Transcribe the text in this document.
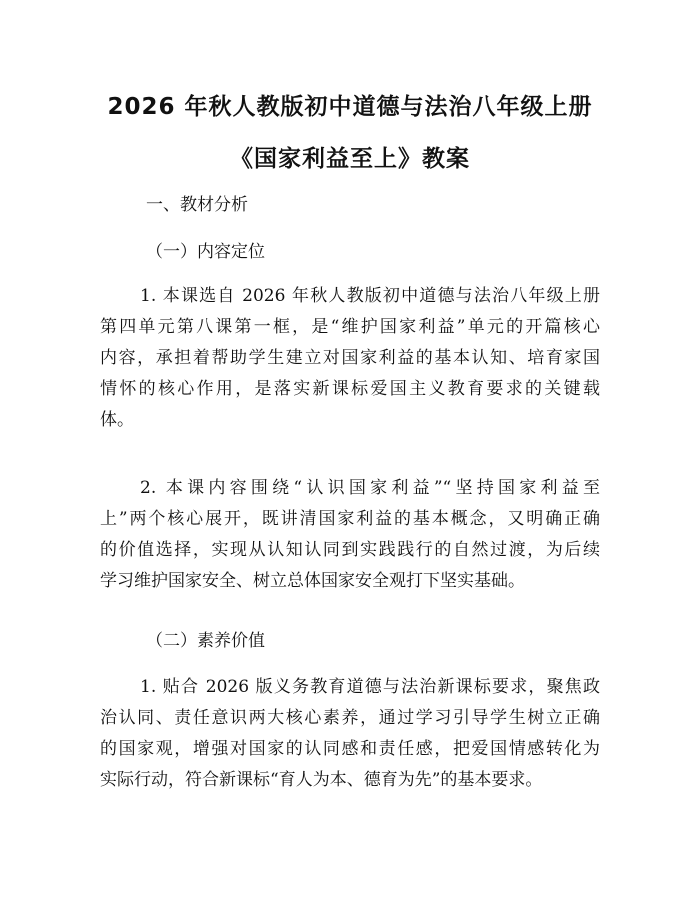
2026 年秋人教版初中道德与法治八年级上册
《国家利益至上》教案
一、教材分析
（一）内容定位
1. 本课选自 2026 年秋人教版初中道德与法治八年级上册
第四单元第八课第一框，是“维护国家利益”单元的开篇核心
内容，承担着帮助学生建立对国家利益的基本认知、培育家国
情怀的核心作用，是落实新课标爱国主义教育要求的关键载
体。
2. 本课内容围绕“认识国家利益”“坚持国家利益至
上”两个核心展开，既讲清国家利益的基本概念，又明确正确
的价值选择，实现从认知认同到实践践行的自然过渡，为后续
学习维护国家安全、树立总体国家安全观打下坚实基础。
（二）素养价值
1. 贴合 2026 版义务教育道德与法治新课标要求，聚焦政
治认同、责任意识两大核心素养，通过学习引导学生树立正确
的国家观，增强对国家的认同感和责任感，把爱国情感转化为
实际行动，符合新课标“育人为本、德育为先”的基本要求。
